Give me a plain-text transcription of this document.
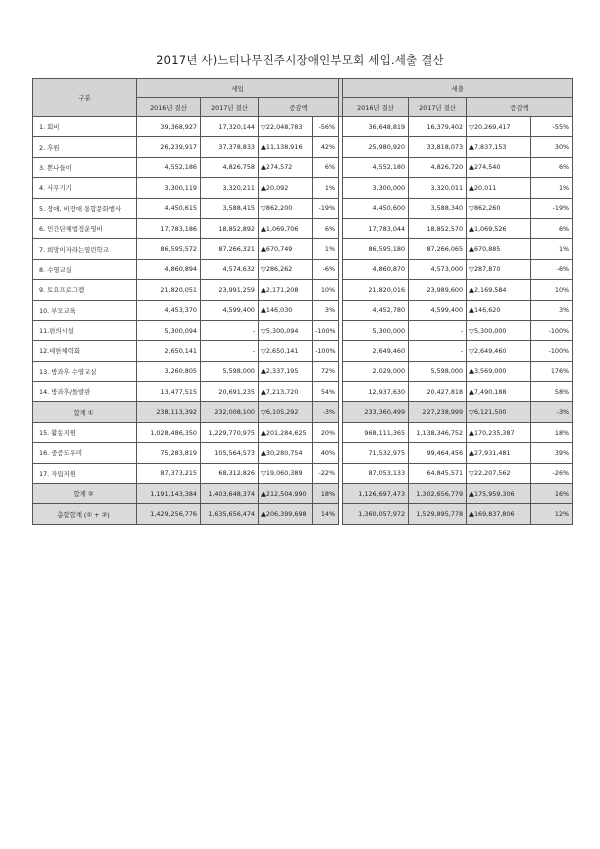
2017년 사)느티나무진주시장애인부모회 세입.세출 결산
구분	세입					세출			
	2016년 결산	2017년 결산	증감액			2016년 결산	2017년 결산	증감액	
1. 회비	39,368,927	17,320,144	▽22,048,783	-56%		36,648,819	16,379,402	▽20,269,417	-55%
2. 후원	26,239,917	37,378,833	▲11,138,916	42%		25,980,920	33,818,073	▲7,837,153	30%
3. 뽄나들이	4,552,186	4,826,758	▲274,572	6%		4,552,180	4,826,720	▲274,540	6%
4. 사무기기	3,300,119	3,320,211	▲20,092	1%		3,300,000	3,320,011	▲20,011	1%
5. 장애, 비장애 통합문화행사	4,450,615	3,588,415	▽862,200	-19%		4,450,600	3,588,340	▽862,260	-19%
6. 민간단체법정운영비	17,783,186	18,852,892	▲1,069,706	6%		17,783,044	18,852,570	▲1,069,526	6%
7. 희망이자라는열린학교	86,595,572	87,266,321	▲670,749	1%		86,595,180	87,266,065	▲670,885	1%
8. 수영교실	4,860,894	4,574,632	▽286,262	-6%		4,860,870	4,573,000	▽287,870	-6%
9. 토요프로그램	21,820,051	23,991,259	▲2,171,208	10%		21,820,016	23,989,600	▲2,169,584	10%
10. 부모교육	4,453,370	4,599,400	▲146,030	3%		4,452,780	4,599,400	▲146,620	3%
11.편의시설	5,300,094	-	▽5,300,094	-100%		5,300,000	-	▽5,300,000	-100%
12.대한체력회	2,650,141	-	▽2,650,141	-100%		2,649,460	-	▽2,649,460	-100%
13. 방과후 수영교실	3,260,805	5,598,000	▲2,337,195	72%		2,029,000	5,598,000	▲3,569,000	176%
14. 방과후/돌발판	13,477,515	20,691,235	▲7,213,720	54%		12,937,630	20,427,818	▲7,490,188	58%
합계 ①	238,113,392	232,008,100	▽6,105,292	-3%		233,360,499	227,238,999	▽6,121,500	-3%
15. 활동지원	1,028,486,350	1,229,770,975	▲201,284,625	20%		968,111,365	1,138,346,752	▲170,235,387	18%
16. 중증도우미	75,283,819	105,564,573	▲30,280,754	40%		71,532,975	99,464,456	▲27,931,481	39%
17. 자립지원	87,373,215	68,312,826	▽19,060,389	-22%		87,053,133	64,845,571	▽22,207,562	-26%
합계 ②	1,191,143,384	1,403,648,374	▲212,504,990	18%		1,126,697,473	1,302,656,779	▲175,959,306	16%
총합합계 (① + ②)	1,429,256,776	1,635,656,474	▲206,399,698	14%		1,360,057,972	1,529,895,778	▲169,837,806	12%
